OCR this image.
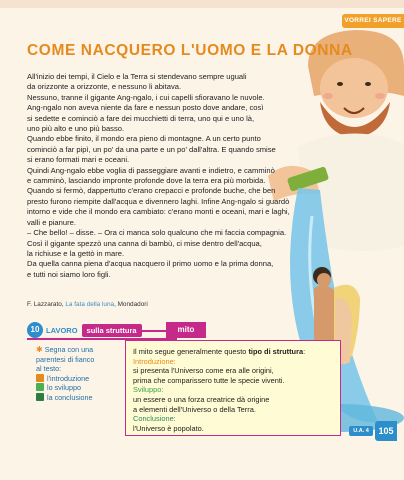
VORREI SAPERE
COME NACQUERO L'UOMO E LA DONNA

All'inizio dei tempi, il Cielo e la Terra si stendevano sempre uguali

da orizzonte a orizzonte, e nessuno li abitava.

Nessuno, tranne il gigante Ang-ngalo, i cui capelli sfioravano le nuvole.

Ang-ngalo non aveva niente da fare e nessun posto dove andare, così

si sedette e cominciò a fare dei mucchietti di terra, uno qui e uno là,

uno più alto e uno più basso.

Quando ebbe finito, il mondo era pieno di montagne. A un certo punto

cominciò a far pipì, un po' da una parte e un po' dall'altra. E quando smise

si erano formati mari e oceani.

Quindi Ang-ngalo ebbe voglia di passeggiare avanti e indietro, e camminò

e camminò, lasciando impronte profonde dove la terra era più morbida.

Quando si fermò, dappertutto c'erano crepacci e profonde buche, che ben

presto furono riempite dall'acqua e divennero laghi. Infine Ang-ngalo si guardò

intorno e vide che il mondo era cambiato: c'erano monti e oceani, mari e laghi,

valli e pianure.

– Che bello! – disse. – Ora ci manca solo qualcuno che mi faccia compagnia.

Così il gigante spezzò una canna di bambù, ci mise dentro dell'acqua,

la richiuse e la gettò in mare.

Da quella canna piena d'acqua nacquero il primo uomo e la prima donna,

e tutti noi siamo loro figli.

F. Lazzarato, La fata della luna, Mondadori
10 LAVORO	sulla struttura	mito
✱ Segna con una
parentesi di fianco
al testo:
l'introduzione
lo sviluppo
la conclusione
Il mito segue generalmente questo tipo di struttura:
Introduzione:
si presenta l'Universo come era alle origini,
prima che comparissero tutte le specie viventi.
Sviluppo:
un essere o una forza creatrice dà origine
a elementi dell'Universo o della Terra.
Conclusione:
l'Universo è popolato.	U.A. 4	105
